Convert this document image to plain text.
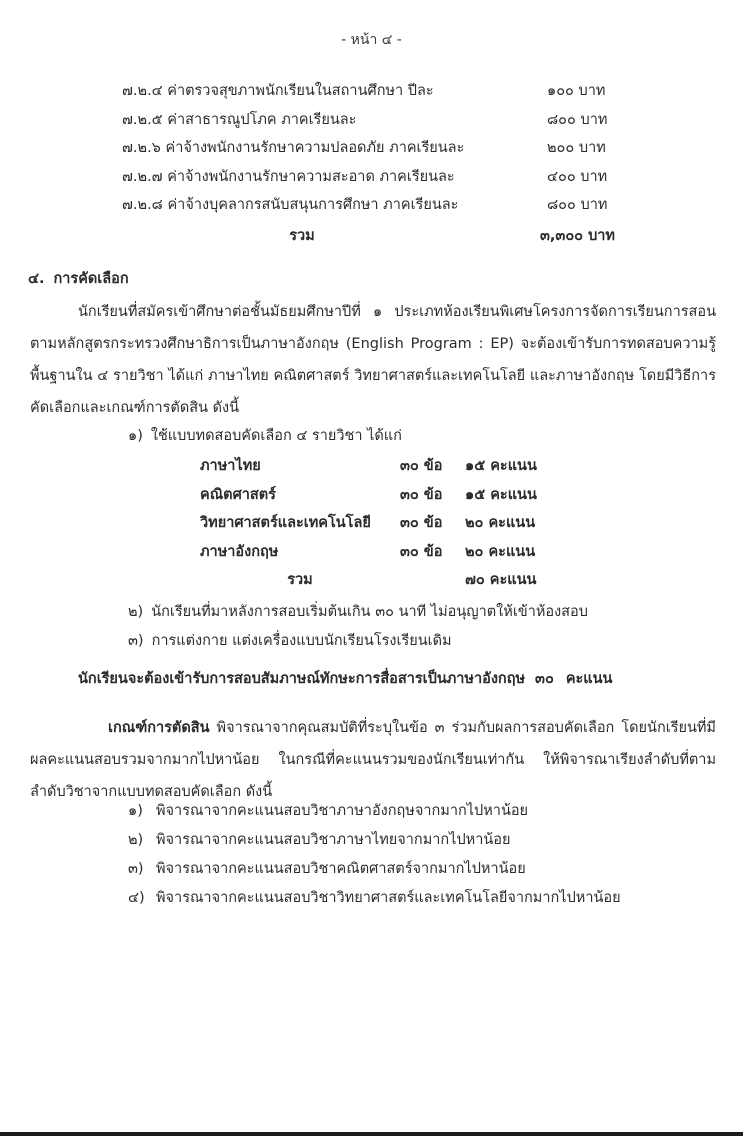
- หน้า ๔ -
๗.๒.๔ ค่าตรวจสุขภาพนักเรียนในสถานศึกษา ปีละ	๑๐๐ บาท
๗.๒.๕ ค่าสาธารณูปโภค ภาคเรียนละ	๘๐๐ บาท
๗.๒.๖ ค่าจ้างพนักงานรักษาความปลอดภัย ภาคเรียนละ	๒๐๐ บาท
๗.๒.๗ ค่าจ้างพนักงานรักษาความสะอาด ภาคเรียนละ	๔๐๐ บาท
๗.๒.๘ ค่าจ้างบุคลากรสนับสนุนการศึกษา ภาคเรียนละ	๘๐๐ บาท
รวม	๓,๓๐๐ บาท
๔. การคัดเลือก
นักเรียนที่สมัครเข้าศึกษาต่อชั้นมัธยมศึกษาปีที่ ๑ ประเภทห้องเรียนพิเศษโครงการจัดการเรียนการสอนตามหลักสูตรกระทรวงศึกษาธิการเป็นภาษาอังกฤษ (English Program : EP) จะต้องเข้ารับการทดสอบความรู้พื้นฐานใน ๔ รายวิชา ได้แก่ ภาษาไทย คณิตศาสตร์ วิทยาศาสตร์และเทคโนโลยี และภาษาอังกฤษ โดยมีวิธีการคัดเลือกและเกณฑ์การตัดสิน ดังนี้
๑) ใช้แบบทดสอบคัดเลือก ๔ รายวิชา ได้แก่
ภาษาไทย	๓๐ ข้อ ๑๕ คะแนน
คณิตศาสตร์	๓๐ ข้อ ๑๕ คะแนน
วิทยาศาสตร์และเทคโนโลยี ๓๐ ข้อ ๒๐ คะแนน
ภาษาอังกฤษ	๓๐ ข้อ ๒๐ คะแนน
รวม	๗๐ คะแนน
๒) นักเรียนที่มาหลังการสอบเริ่มต้นเกิน ๓๐ นาที ไม่อนุญาตให้เข้าห้องสอบ
๓) การแต่งกาย แต่งเครื่องแบบนักเรียนโรงเรียนเดิม
นักเรียนจะต้องเข้ารับการสอบสัมภาษณ์ทักษะการสื่อสารเป็นภาษาอังกฤษ ๓๐ คะแนน
เกณฑ์การตัดสิน พิจารณาจากคุณสมบัติที่ระบุในข้อ ๓ ร่วมกับผลการสอบคัดเลือก โดยนักเรียนที่มีผลคะแนนสอบรวมจากมากไปหาน้อย ในกรณีที่คะแนนรวมของนักเรียนเท่ากัน ให้พิจารณาเรียงลำดับที่ตามลำดับวิชาจากแบบทดสอบคัดเลือก ดังนี้
๑) พิจารณาจากคะแนนสอบวิชาภาษาอังกฤษจากมากไปหาน้อย
๒) พิจารณาจากคะแนนสอบวิชาภาษาไทยจากมากไปหาน้อย
๓) พิจารณาจากคะแนนสอบวิชาคณิตศาสตร์จากมากไปหาน้อย
๔) พิจารณาจากคะแนนสอบวิชาวิทยาศาสตร์และเทคโนโลยีจากมากไปหาน้อย
